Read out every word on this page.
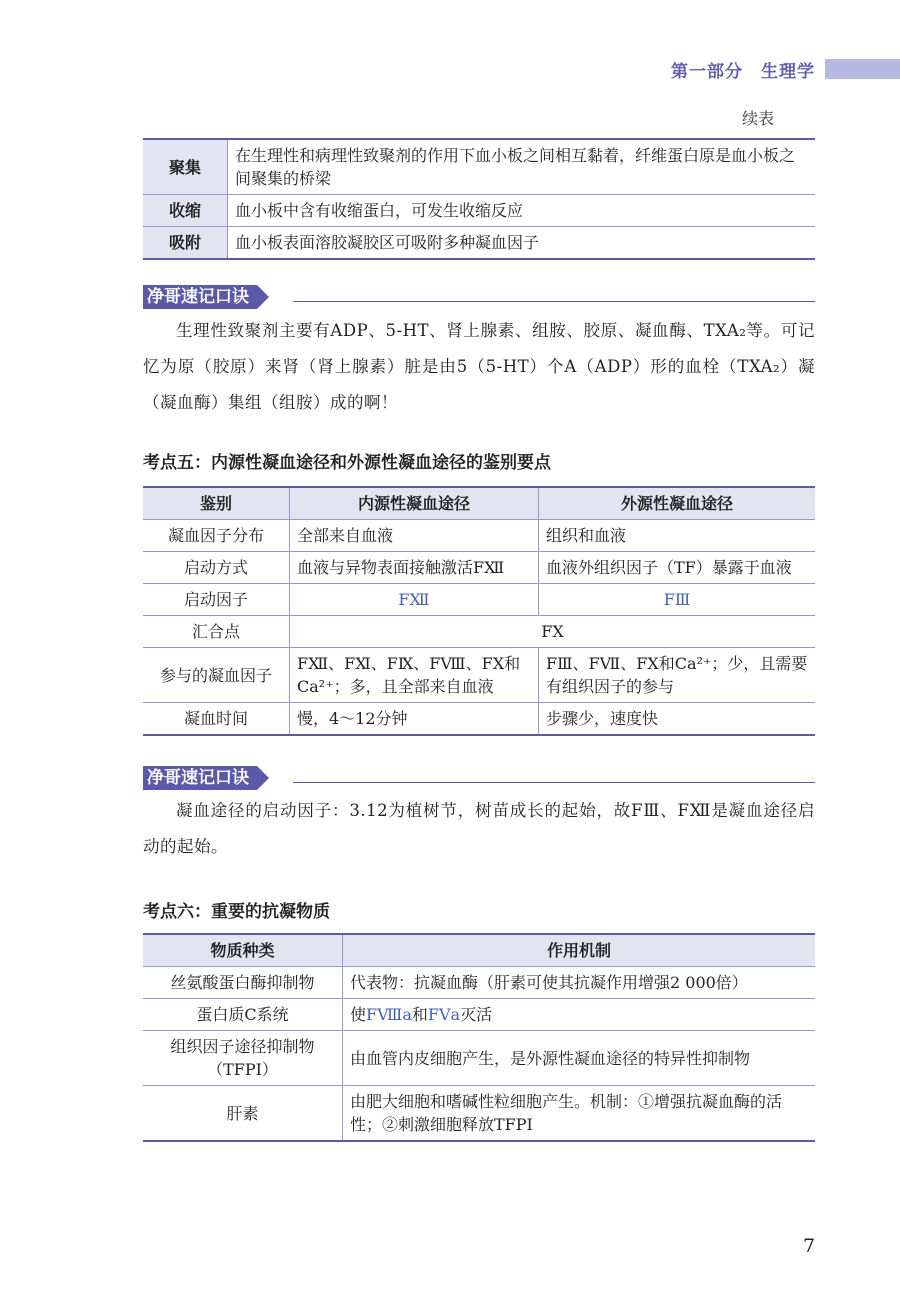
第一部分　生理学
续表
聚集	在生理性和病理性致聚剂的作用下血小板之间相互黏着，纤维蛋白原是血小板之间聚集的桥梁
收缩	血小板中含有收缩蛋白，可发生收缩反应
吸附	血小板表面溶胶凝胶区可吸附多种凝血因子
净哥速记口诀

生理性致聚剂主要有ADP、5-HT、肾上腺素、组胺、胶原、凝血酶、TXA₂等。可记忆为原（胶原）来肾（肾上腺素）脏是由5（5-HT）个A（ADP）形的血栓（TXA₂）凝（凝血酶）集组（组胺）成的啊！

考点五：内源性凝血途径和外源性凝血途径的鉴别要点
鉴别	内源性凝血途径	外源性凝血途径
凝血因子分布	全部来自血液	组织和血液
启动方式	血液与异物表面接触激活FⅫ	血液外组织因子（TF）暴露于血液
启动因子	FⅫ	FⅢ
汇合点	FⅩ	
参与的凝血因子	FⅫ、FⅪ、FⅨ、FⅧ、FⅩ和Ca²⁺；多，且全部来自血液	FⅢ、FⅦ、FⅩ和Ca²⁺；少，且需要有组织因子的参与
凝血时间	慢，4～12分钟	步骤少，速度快
净哥速记口诀

凝血途径的启动因子：3.12为植树节，树苗成长的起始，故FⅢ、FⅫ是凝血途径启动的起始。

考点六：重要的抗凝物质
物质种类	作用机制
丝氨酸蛋白酶抑制物	代表物：抗凝血酶（肝素可使其抗凝作用增强2 000倍）
蛋白质C系统	使FⅧa和FⅤa灭活
组织因子途径抑制物（TFPI）	由血管内皮细胞产生，是外源性凝血途径的特异性抑制物
肝素	由肥大细胞和嗜碱性粒细胞产生。机制：①增强抗凝血酶的活性；②刺激细胞释放TFPI
7
